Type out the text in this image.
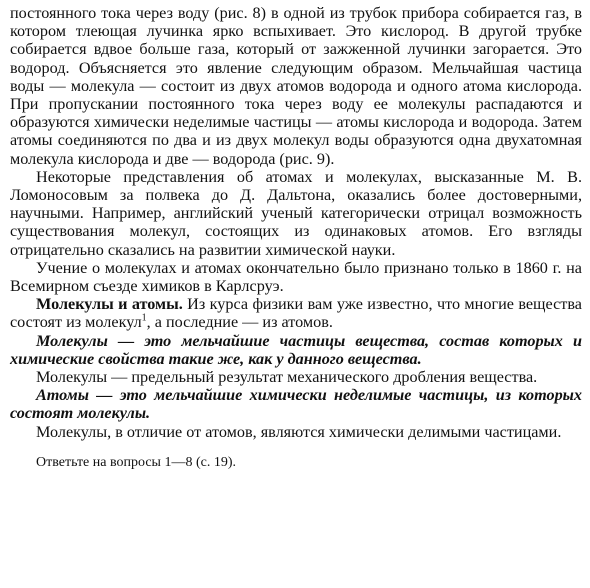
постоянного тока через воду (рис. 8) в одной из трубок прибора собирается газ, в котором тлеющая лучинка ярко вспыхивает. Это кислород. В другой трубке собирается вдвое больше газа, который от зажженной лучинки загорается. Это водород. Объясняется это явление следующим образом. Мельчайшая частица воды — молекула — состоит из двух атомов водорода и одного атома кислорода. При пропускании постоянного тока через воду ее молекулы распадаются и образуются химически неделимые частицы — атомы кислорода и водорода. Затем атомы соединяются по два и из двух молекул воды образуются одна двухатомная молекула кислорода и две — водорода (рис. 9).

Некоторые представления об атомах и молекулах, высказанные М. В. Ломоносовым за полвека до Д. Дальтона, оказались более достоверными, научными. Например, английский ученый категорически отрицал возможность существования молекул, состоящих из одинаковых атомов. Его взгляды отрицательно сказались на развитии химической науки.

Учение о молекулах и атомах окончательно было признано только в 1860 г. на Всемирном съезде химиков в Карлсруэ.

Молекулы и атомы. Из курса физики вам уже известно, что многие вещества состоят из молекул$^1$, а последние — из атомов.

Молекулы — это мельчайшие частицы вещества, состав которых и химические свойства такие же, как у данного вещества.

Молекулы — предельный результат механического дробления вещества.

Атомы — это мельчайшие химически неделимые частицы, из которых состоят молекулы.

Молекулы, в отличие от атомов, являются химически делимыми частицами.

Ответьте на вопросы 1—8 (с. 19).
